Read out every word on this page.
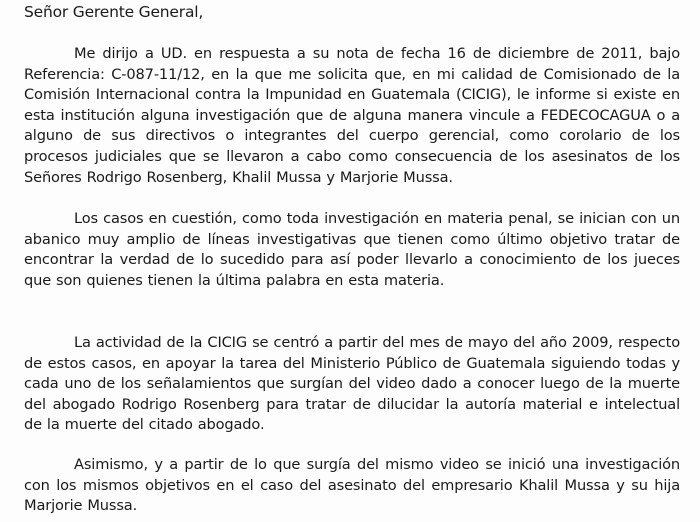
Señor Gerente General,

Me dirijo a UD. en respuesta a su nota de fecha 16 de diciembre de 2011, bajo Referencia: C-087-11/12, en la que me solicita que, en mi calidad de Comisionado de la Comisión Internacional contra la Impunidad en Guatemala (CICIG), le informe si existe en esta institución alguna investigación que de alguna manera vincule a FEDECOCAGUA o a alguno de sus directivos o integrantes del cuerpo gerencial, como corolario de los procesos judiciales que se llevaron a cabo como consecuencia de los asesinatos de los Señores Rodrigo Rosenberg, Khalil Mussa y Marjorie Mussa.

Los casos en cuestión, como toda investigación en materia penal, se inician con un abanico muy amplio de líneas investigativas que tienen como último objetivo tratar de encontrar la verdad de lo sucedido para así poder llevarlo a conocimiento de los jueces que son quienes tienen la última palabra en esta materia.

La actividad de la CICIG se centró a partir del mes de mayo del año 2009, respecto de estos casos, en apoyar la tarea del Ministerio Público de Guatemala siguiendo todas y cada uno de los señalamientos que surgían del video dado a conocer luego de la muerte del abogado Rodrigo Rosenberg para tratar de dilucidar la autoría material e intelectual de la muerte del citado abogado.

Asimismo, y a partir de lo que surgía del mismo video se inició una investigación con los mismos objetivos en el caso del asesinato del empresario Khalil Mussa y su hija Marjorie Mussa.
